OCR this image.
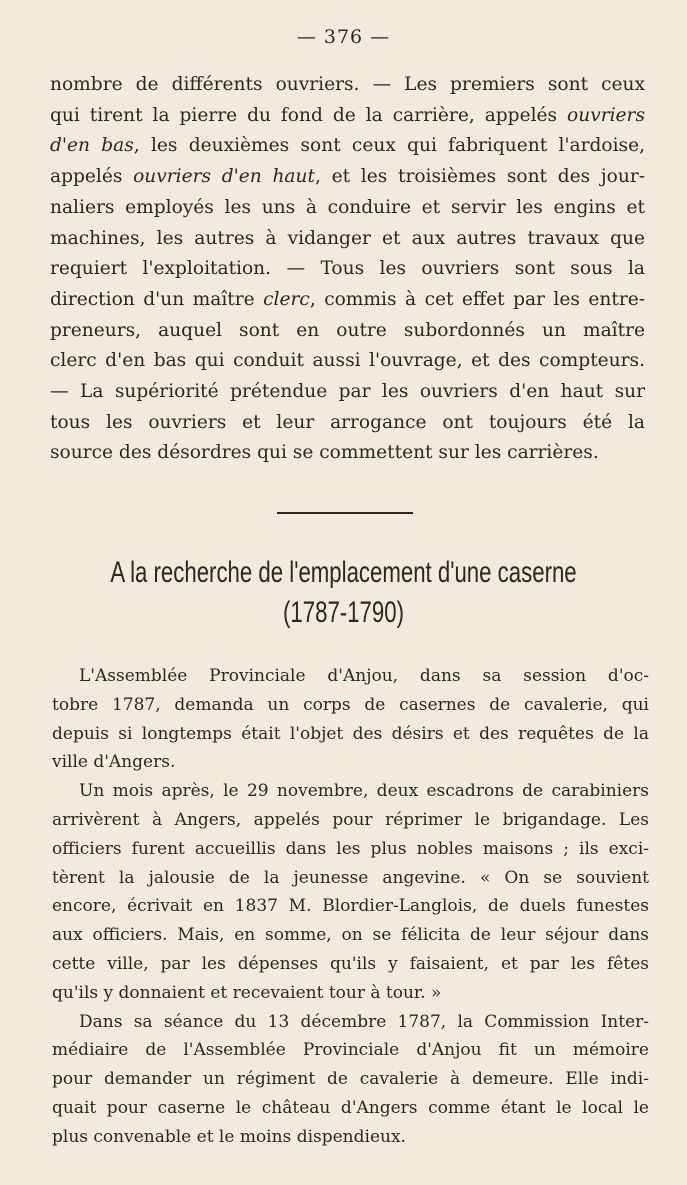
— 376 —
nombre de différents ouvriers. — Les premiers sont ceux
qui tirent la pierre du fond de la carrière, appelés ouvriers
d'en bas, les deuxièmes sont ceux qui fabriquent l'ardoise,
appelés ouvriers d'en haut, et les troisièmes sont des jour-
naliers employés les uns à conduire et servir les engins et
machines, les autres à vidanger et aux autres travaux que
requiert l'exploitation. — Tous les ouvriers sont sous la
direction d'un maître clerc, commis à cet effet par les entre-
preneurs, auquel sont en outre subordonnés un maître
clerc d'en bas qui conduit aussi l'ouvrage, et des compteurs.
— La supériorité prétendue par les ouvriers d'en haut sur
tous les ouvriers et leur arrogance ont toujours été la
source des désordres qui se commettent sur les carrières.
A la recherche de l'emplacement d'une caserne
(1787-1790)
L'Assemblée Provinciale d'Anjou, dans sa session d'oc-
tobre 1787, demanda un corps de casernes de cavalerie, qui
depuis si longtemps était l'objet des désirs et des requêtes de la
ville d'Angers.
Un mois après, le 29 novembre, deux escadrons de carabiniers
arrivèrent à Angers, appelés pour réprimer le brigandage. Les
officiers furent accueillis dans les plus nobles maisons ; ils exci-
tèrent la jalousie de la jeunesse angevine. « On se souvient
encore, écrivait en 1837 M. Blordier-Langlois, de duels funestes
aux officiers. Mais, en somme, on se félicita de leur séjour dans
cette ville, par les dépenses qu'ils y faisaient, et par les fêtes
qu'ils y donnaient et recevaient tour à tour. »
Dans sa séance du 13 décembre 1787, la Commission Inter-
médiaire de l'Assemblée Provinciale d'Anjou fit un mémoire
pour demander un régiment de cavalerie à demeure. Elle indi-
quait pour caserne le château d'Angers comme étant le local le
plus convenable et le moins dispendieux.
